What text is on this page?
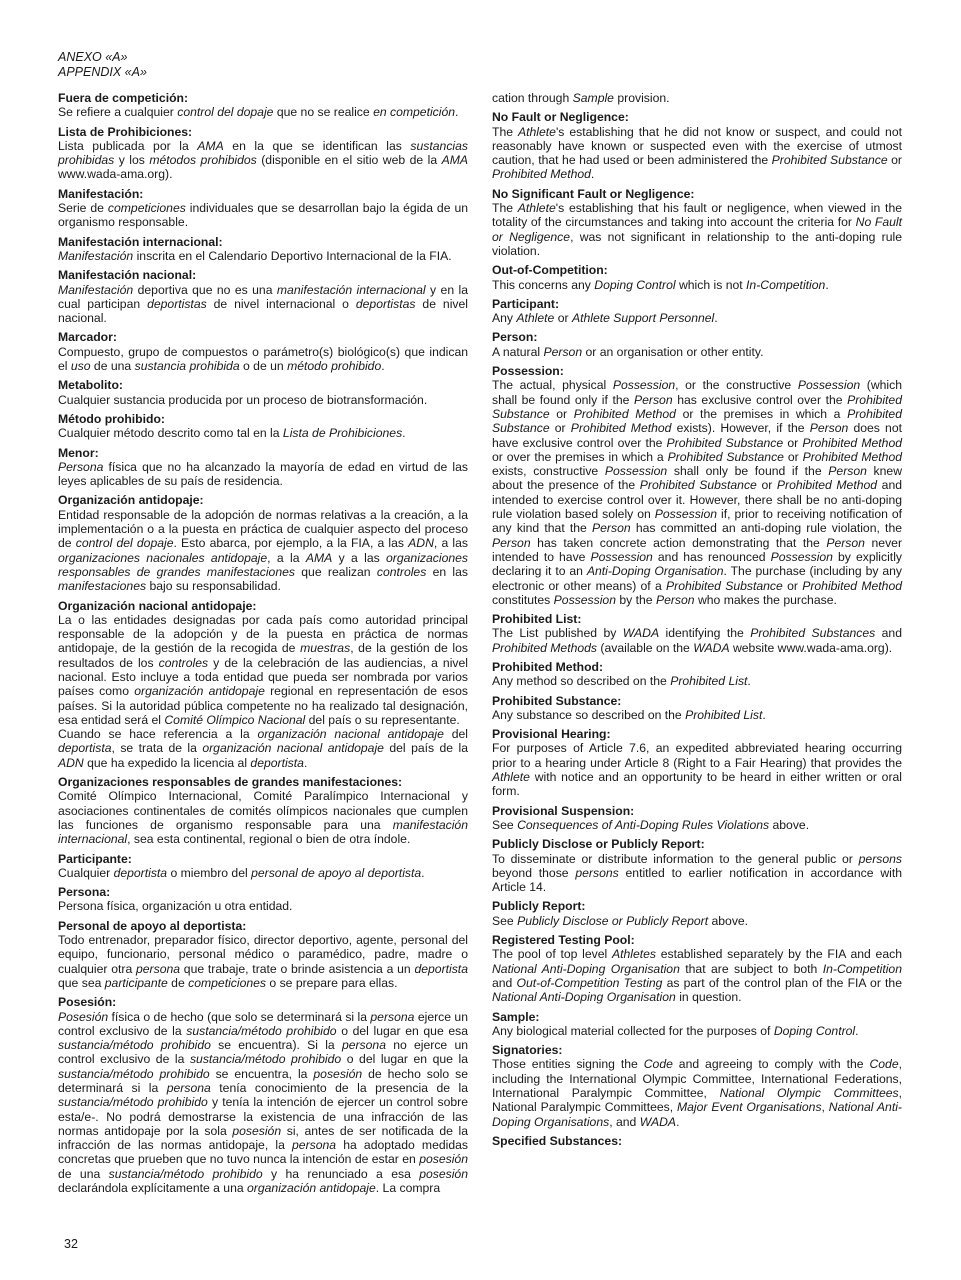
ANEXO «A»
APPENDIX «A»
Fuera de competición:
Se refiere a cualquier control del dopaje que no se realice en competición.
Lista de Prohibiciones:
Lista publicada por la AMA en la que se identifican las sustancias prohibidas y los métodos prohibidos (disponible en el sitio web de la AMA www.wada-ama.org).
Manifestación:
Serie de competiciones individuales que se desarrollan bajo la égida de un organismo responsable.
Manifestación internacional:
Manifestación inscrita en el Calendario Deportivo Internacional de la FIA.
Manifestación nacional:
Manifestación deportiva que no es una manifestación internacional y en la cual participan deportistas de nivel internacional o deportistas de nivel nacional.
Marcador:
Compuesto, grupo de compuestos o parámetro(s) biológico(s) que indican el uso de una sustancia prohibida o de un método prohibido.
Metabolito:
Cualquier sustancia producida por un proceso de biotransformación.
Método prohibido:
Cualquier método descrito como tal en la Lista de Prohibiciones.
Menor:
Persona física que no ha alcanzado la mayoría de edad en virtud de las leyes aplicables de su país de residencia.
Organización antidopaje:
Entidad responsable de la adopción de normas relativas a la creación, a la implementación o a la puesta en práctica de cualquier aspecto del proceso de control del dopaje. Esto abarca, por ejemplo, a la FIA, a las ADN, a las organizaciones nacionales antidopaje, a la AMA y a las organizaciones responsables de grandes manifestaciones que realizan controles en las manifestaciones bajo su responsabilidad.
Organización nacional antidopaje:
La o las entidades designadas por cada país como autoridad principal responsable de la adopción y de la puesta en práctica de normas antidopaje, de la gestión de la recogida de muestras, de la gestión de los resultados de los controles y de la celebración de las audiencias, a nivel nacional. Esto incluye a toda entidad que pueda ser nombrada por varios países como organización antidopaje regional en representación de esos países. Si la autoridad pública competente no ha realizado tal designación, esa entidad será el Comité Olímpico Nacional del país o su representante.
Cuando se hace referencia a la organización nacional antidopaje del deportista, se trata de la organización nacional antidopaje del país de la ADN que ha expedido la licencia al deportista.
Organizaciones responsables de grandes manifestaciones:
Comité Olímpico Internacional, Comité Paralímpico Internacional y asociaciones continentales de comités olímpicos nacionales que cumplen las funciones de organismo responsable para una manifestación internacional, sea esta continental, regional o bien de otra índole.
Participante:
Cualquier deportista o miembro del personal de apoyo al deportista.
Persona:
Persona física, organización u otra entidad.
Personal de apoyo al deportista:
Todo entrenador, preparador físico, director deportivo, agente, personal del equipo, funcionario, personal médico o paramédico, padre, madre o cualquier otra persona que trabaje, trate o brinde asistencia a un deportista que sea participante de competiciones o se prepare para ellas.
Posesión:
Posesión física o de hecho (que solo se determinará si la persona ejerce un control exclusivo de la sustancia/método prohibido o del lugar en que esa sustancia/método prohibido se encuentra). Si la persona no ejerce un control exclusivo de la sustancia/método prohibido o del lugar en que la sustancia/método prohibido se encuentra, la posesión de hecho solo se determinará si la persona tenía conocimiento de la presencia de la sustancia/método prohibido y tenía la intención de ejercer un control sobre esta/e-. No podrá demostrarse la existencia de una infracción de las normas antidopaje por la sola posesión si, antes de ser notificada de la infracción de las normas antidopaje, la persona ha adoptado medidas concretas que prueben que no tuvo nunca la intención de estar en posesión de una sustancia/método prohibido y ha renunciado a esa posesión declarándola explícitamente a una organización antidopaje. La compra
cation through Sample provision.
No Fault or Negligence:
The Athlete's establishing that he did not know or suspect, and could not reasonably have known or suspected even with the exercise of utmost caution, that he had used or been administered the Prohibited Substance or Prohibited Method.
No Significant Fault or Negligence:
The Athlete's establishing that his fault or negligence, when viewed in the totality of the circumstances and taking into account the criteria for No Fault or Negligence, was not significant in relationship to the anti-doping rule violation.
Out-of-Competition:
This concerns any Doping Control which is not In-Competition.
Participant:
Any Athlete or Athlete Support Personnel.
Person:
A natural Person or an organisation or other entity.
Possession:
The actual, physical Possession, or the constructive Possession (which shall be found only if the Person has exclusive control over the Prohibited Substance or Prohibited Method or the premises in which a Prohibited Substance or Prohibited Method exists). However, if the Person does not have exclusive control over the Prohibited Substance or Prohibited Method or over the premises in which a Prohibited Substance or Prohibited Method exists, constructive Possession shall only be found if the Person knew about the presence of the Prohibited Substance or Prohibited Method and intended to exercise control over it. However, there shall be no anti-doping rule violation based solely on Possession if, prior to receiving notification of any kind that the Person has committed an anti-doping rule violation, the Person has taken concrete action demonstrating that the Person never intended to have Possession and has renounced Possession by explicitly declaring it to an Anti-Doping Organisation. The purchase (including by any electronic or other means) of a Prohibited Substance or Prohibited Method constitutes Possession by the Person who makes the purchase.
Prohibited List:
The List published by WADA identifying the Prohibited Substances and Prohibited Methods (available on the WADA website www.wada-ama.org).
Prohibited Method:
Any method so described on the Prohibited List.
Prohibited Substance:
Any substance so described on the Prohibited List.
Provisional Hearing:
For purposes of Article 7.6, an expedited abbreviated hearing occurring prior to a hearing under Article 8 (Right to a Fair Hearing) that provides the Athlete with notice and an opportunity to be heard in either written or oral form.
Provisional Suspension:
See Consequences of Anti-Doping Rules Violations above.
Publicly Disclose or Publicly Report:
To disseminate or distribute information to the general public or persons beyond those persons entitled to earlier notification in accordance with Article 14.
Publicly Report:
See Publicly Disclose or Publicly Report above.
Registered Testing Pool:
The pool of top level Athletes established separately by the FIA and each National Anti-Doping Organisation that are subject to both In-Competition and Out-of-Competition Testing as part of the control plan of the FIA or the National Anti-Doping Organisation in question.
Sample:
Any biological material collected for the purposes of Doping Control.
Signatories:
Those entities signing the Code and agreeing to comply with the Code, including the International Olympic Committee, International Federations, International Paralympic Committee, National Olympic Committees, National Paralympic Committees, Major Event Organisations, National Anti-Doping Organisations, and WADA.
Specified Substances:
32
